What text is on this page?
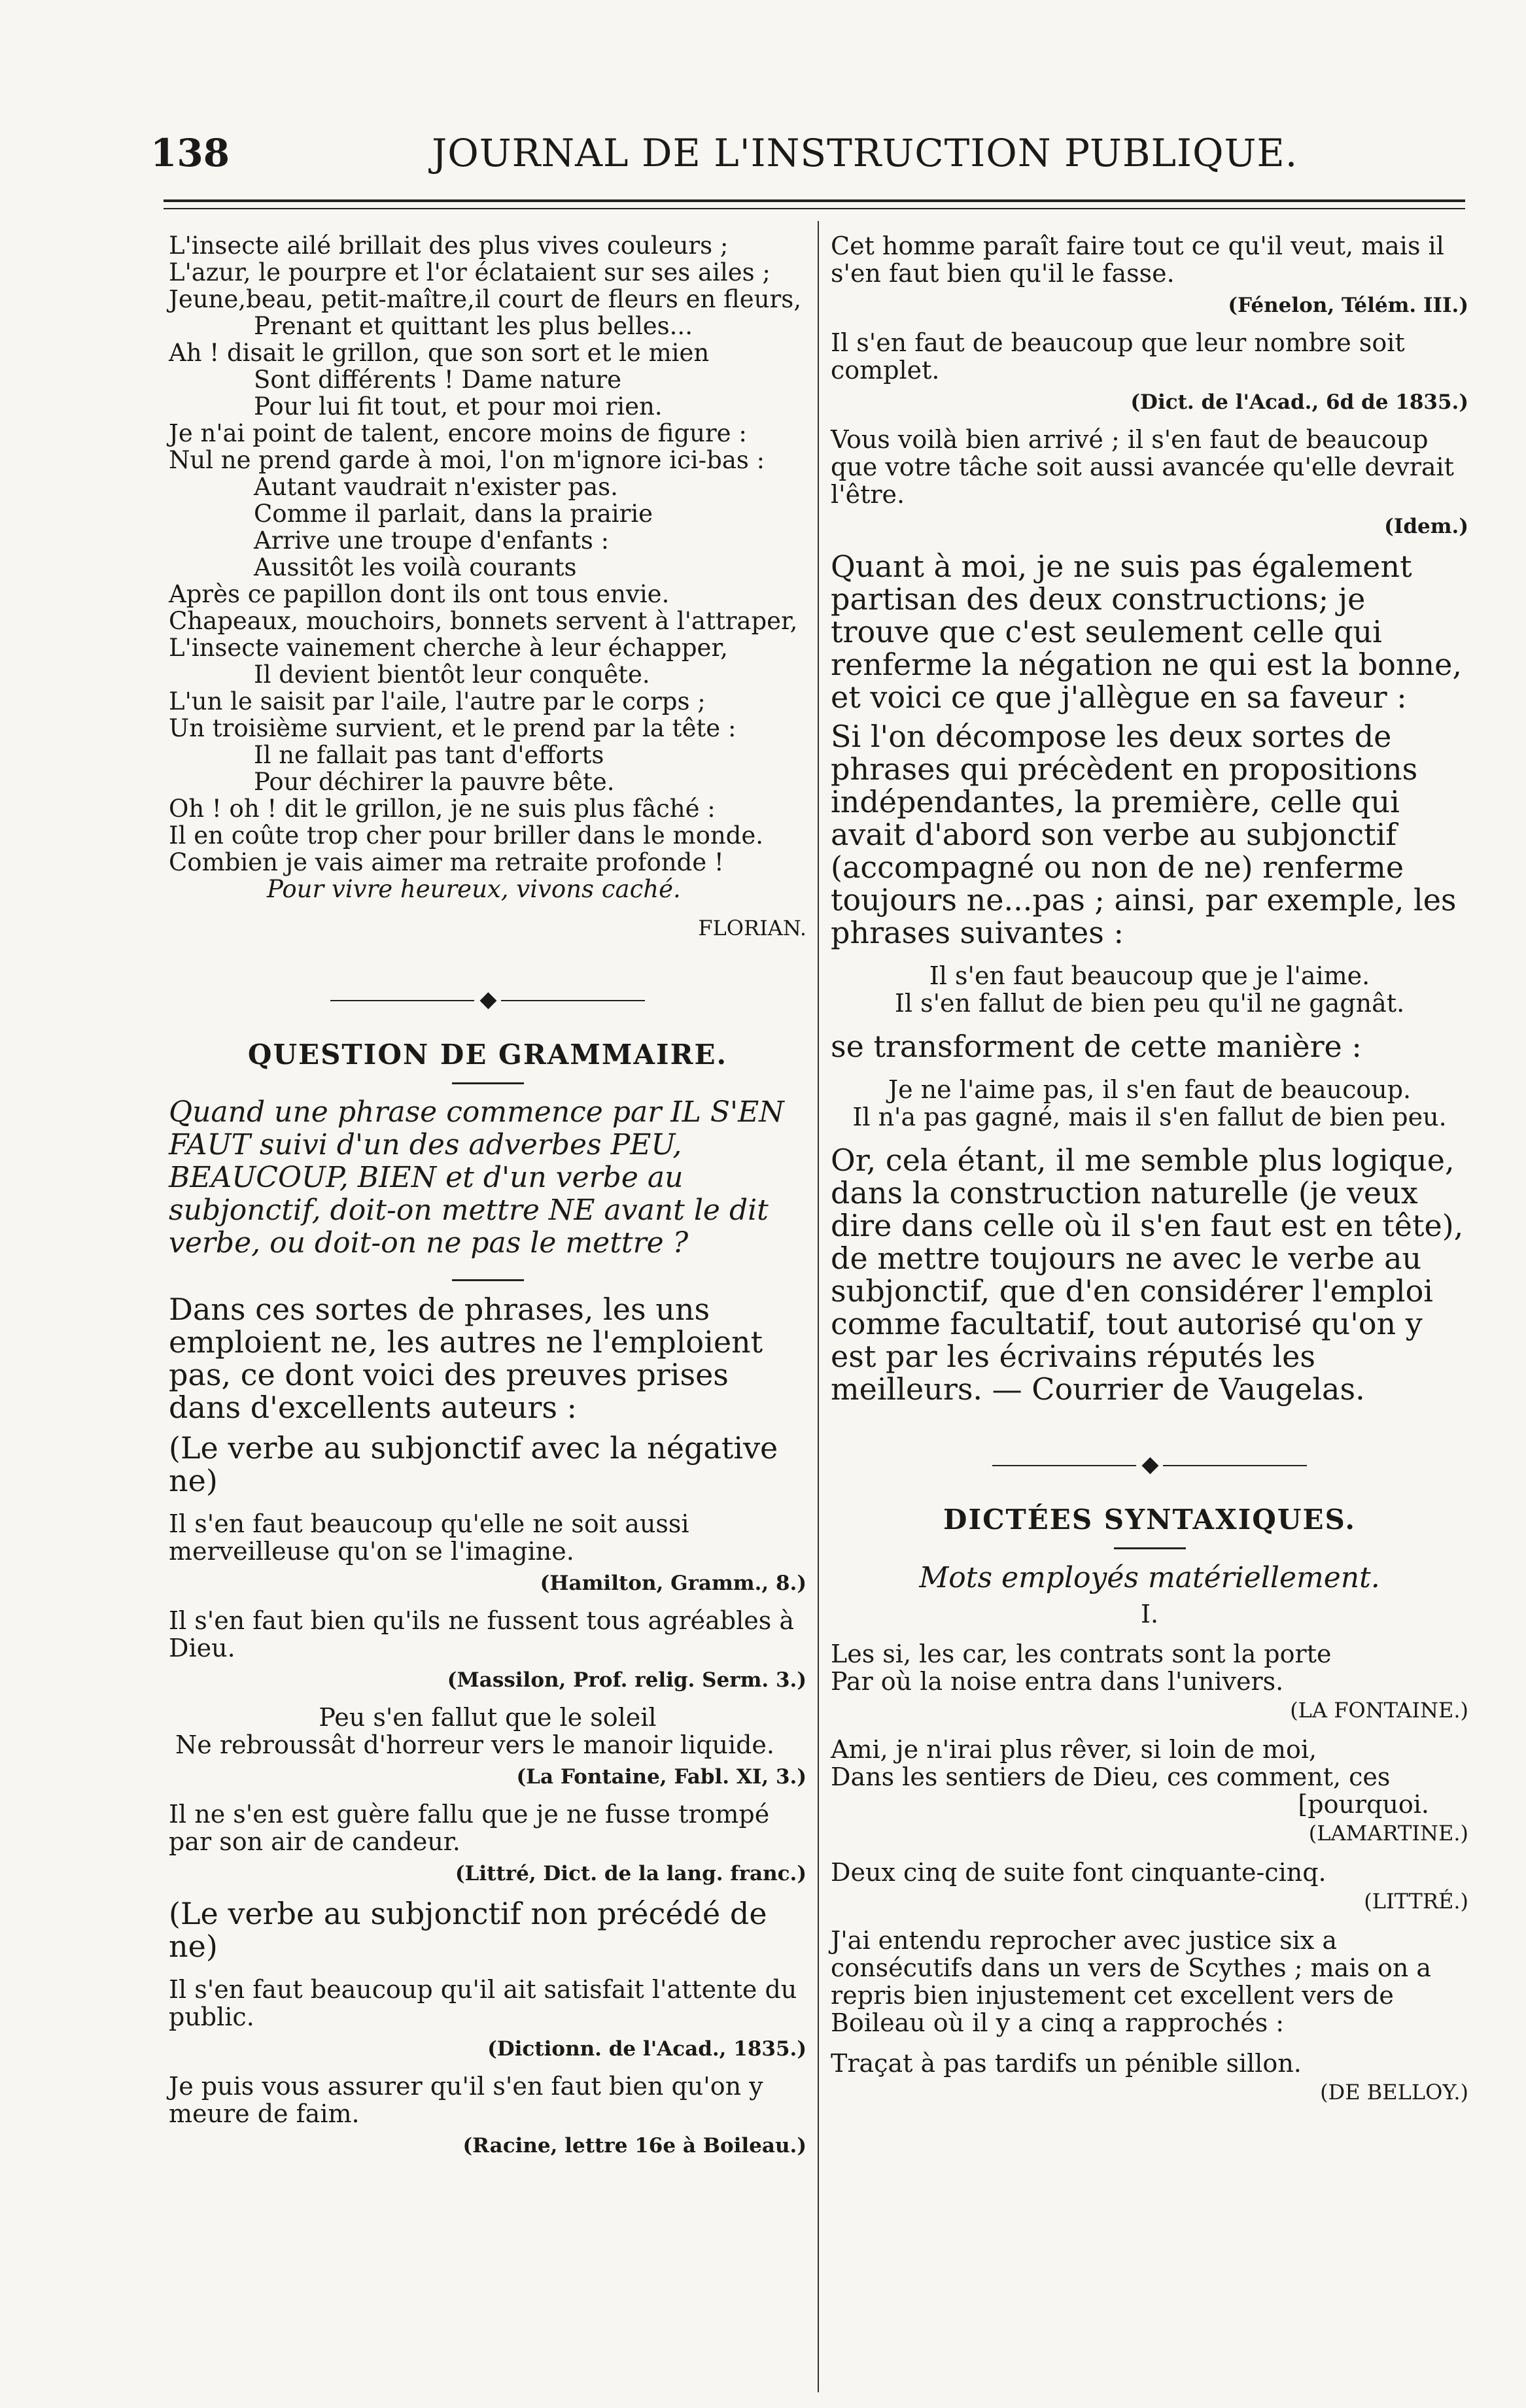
138	JOURNAL DE L'INSTRUCTION PUBLIQUE.
L'insecte ailé brillait des plus vives couleurs ;
L'azur, le pourpre et l'or éclataient sur ses ailes ;
Jeune,beau, petit-maître,il court de fleurs en fleurs,
Prenant et quittant les plus belles...
Ah ! disait le grillon, que son sort et le mien
Sont différents ! Dame nature
Pour lui fit tout, et pour moi rien.
Je n'ai point de talent, encore moins de figure :
Nul ne prend garde à moi, l'on m'ignore ici-bas :
Autant vaudrait n'exister pas.
Comme il parlait, dans la prairie
Arrive une troupe d'enfants :
Aussitôt les voilà courants
Après ce papillon dont ils ont tous envie.
Chapeaux, mouchoirs, bonnets servent à l'attraper,
L'insecte vainement cherche à leur échapper,
Il devient bientôt leur conquête.
L'un le saisit par l'aile, l'autre par le corps ;
Un troisième survient, et le prend par la tête :
Il ne fallait pas tant d'efforts
Pour déchirer la pauvre bête.
Oh ! oh ! dit le grillon, je ne suis plus fâché :
Il en coûte trop cher pour briller dans le monde.
Combien je vais aimer ma retraite profonde !
Pour vivre heureux, vivons caché.
FLORIAN.
◆
QUESTION DE GRAMMAIRE.
Quand une phrase commence par IL S'EN FAUT suivi d'un des adverbes PEU, BEAUCOUP, BIEN et d'un verbe au subjonctif, doit-on mettre NE avant le dit verbe, ou doit-on ne pas le mettre ?
Dans ces sortes de phrases, les uns emploient ne, les autres ne l'emploient pas, ce dont voici des preuves prises dans d'excellents auteurs :
(Le verbe au subjonctif avec la négative ne)
Il s'en faut beaucoup qu'elle ne soit aussi merveilleuse qu'on se l'imagine.
(Hamilton, Gramm., 8.)
Il s'en faut bien qu'ils ne fussent tous agréables à Dieu.
(Massilon, Prof. relig. Serm. 3.)
Peu s'en fallut que le soleil
Ne rebroussât d'horreur vers le manoir liquide.
(La Fontaine, Fabl. XI, 3.)
Il ne s'en est guère fallu que je ne fusse trompé par son air de candeur.
(Littré, Dict. de la lang. franc.)
(Le verbe au subjonctif non précédé de ne)
Il s'en faut beaucoup qu'il ait satisfait l'attente du public.
(Dictionn. de l'Acad., 1835.)
Je puis vous assurer qu'il s'en faut bien qu'on y meure de faim.
(Racine, lettre 16e à Boileau.)
Cet homme paraît faire tout ce qu'il veut, mais il s'en faut bien qu'il le fasse.
(Fénelon, Télém. III.)
Il s'en faut de beaucoup que leur nombre soit complet.
(Dict. de l'Acad., 6d de 1835.)
Vous voilà bien arrivé ; il s'en faut de beaucoup que votre tâche soit aussi avancée qu'elle devrait l'être.
(Idem.)
Quant à moi, je ne suis pas également partisan des deux constructions; je trouve que c'est seulement celle qui renferme la négation ne qui est la bonne, et voici ce que j'allègue en sa faveur :
Si l'on décompose les deux sortes de phrases qui précèdent en propositions indépendantes, la première, celle qui avait d'abord son verbe au subjonctif (accompagné ou non de ne) renferme toujours ne...pas ; ainsi, par exemple, les phrases suivantes :
Il s'en faut beaucoup que je l'aime.
Il s'en fallut de bien peu qu'il ne gagnât.
se transforment de cette manière :
Je ne l'aime pas, il s'en faut de beaucoup.
Il n'a pas gagné, mais il s'en fallut de bien peu.
Or, cela étant, il me semble plus logique, dans la construction naturelle (je veux dire dans celle où il s'en faut est en tête), de mettre toujours ne avec le verbe au subjonctif, que d'en considérer l'emploi comme facultatif, tout autorisé qu'on y est par les écrivains réputés les meilleurs. — Courrier de Vaugelas.
◆
DICTÉES SYNTAXIQUES.
Mots employés matériellement.
I.
Les si, les car, les contrats sont la porte
Par où la noise entra dans l'univers.
(LA FONTAINE.)
Ami, je n'irai plus rêver, si loin de moi,
Dans les sentiers de Dieu, ces comment, ces
[pourquoi.
(LAMARTINE.)
Deux cinq de suite font cinquante-cinq.
(LITTRÉ.)
J'ai entendu reprocher avec justice six a consécutifs dans un vers de Scythes ; mais on a repris bien injustement cet excellent vers de Boileau où il y a cinq a rapprochés :
Traçat à pas tardifs un pénible sillon.
(DE BELLOY.)
